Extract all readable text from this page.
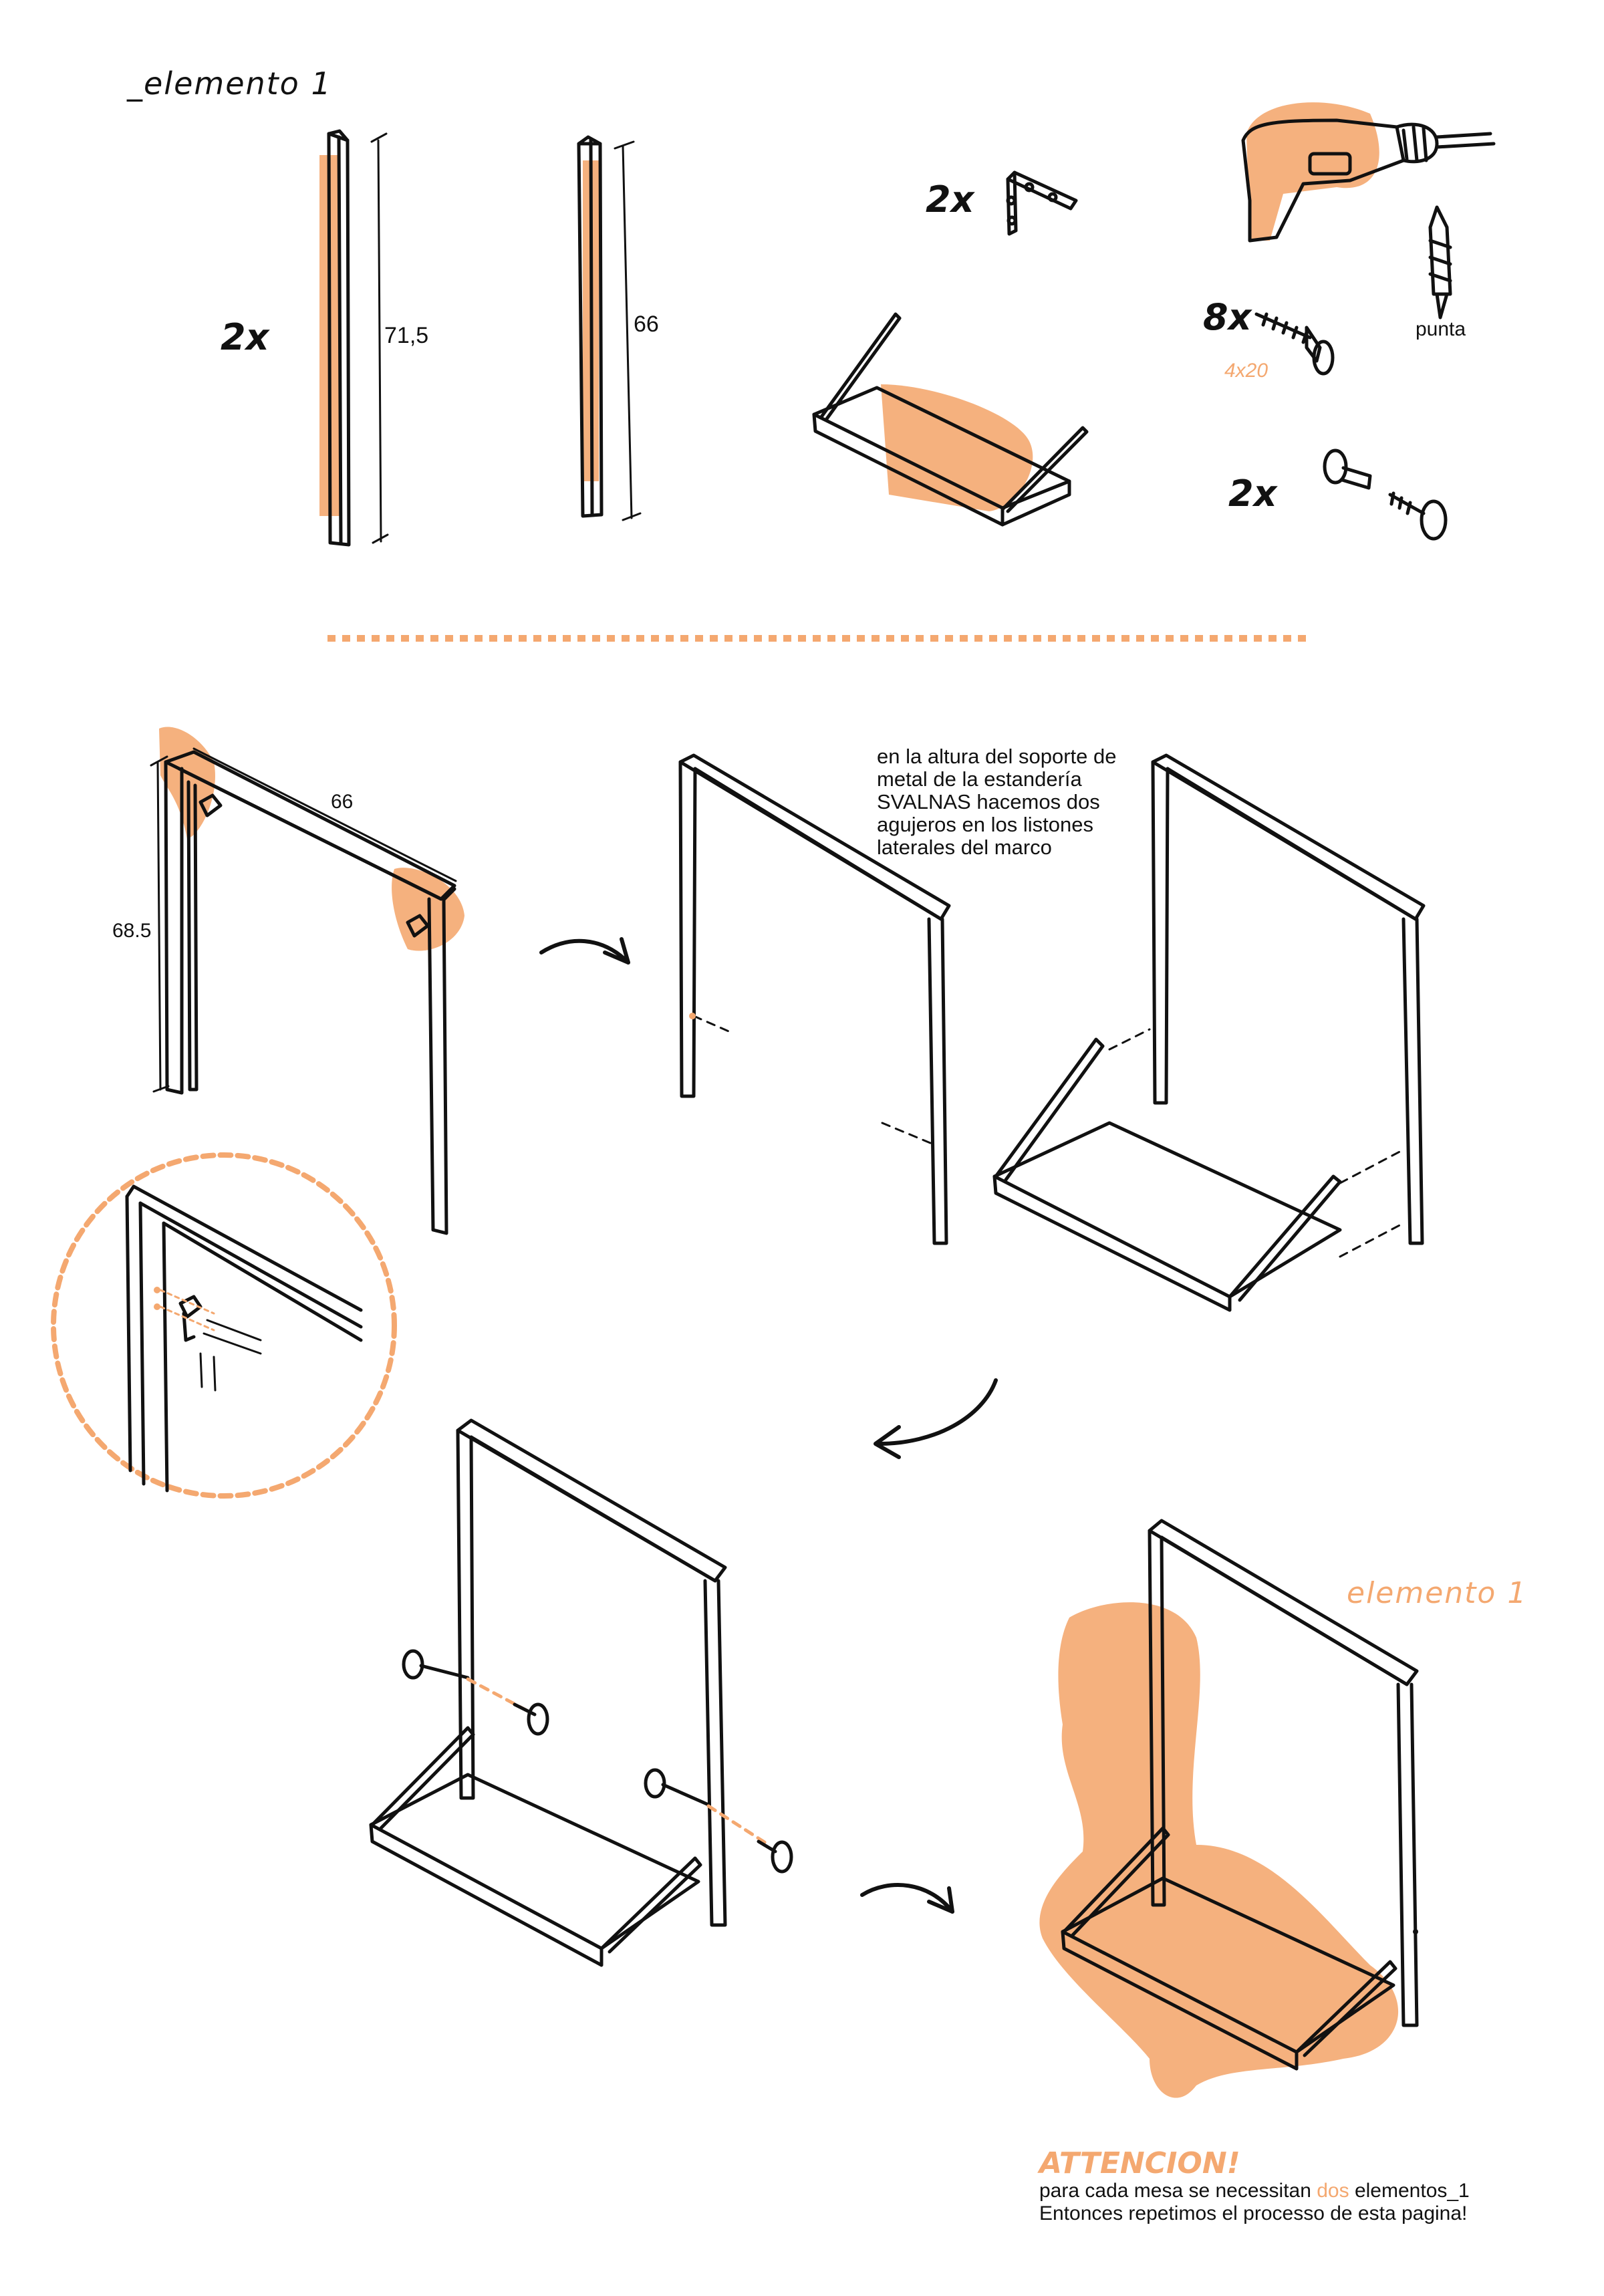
_elemento 1
2x	71,5	66
2x
8x
4x20
punta
2x
66
68.5
en la altura del soporte de
metal de la estandería
SVALNAS hacemos dos
agujeros en los listones
laterales del marco
elemento 1
ATTENCION!
para cada mesa se necessitan dos elementos_1
Entonces repetimos el processo de esta pagina!
